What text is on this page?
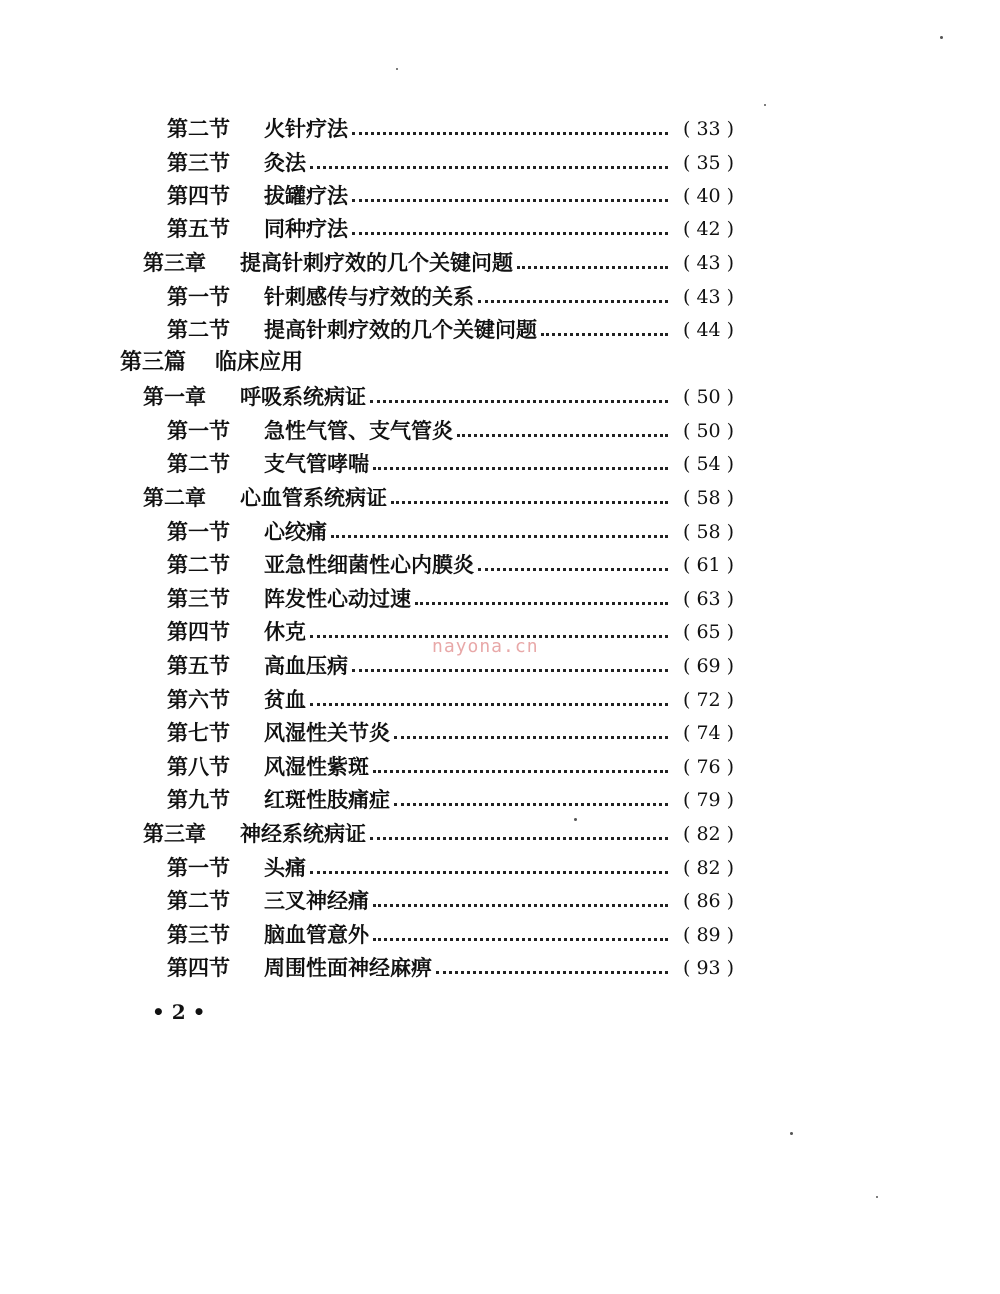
第二节 火针疗法	( 33 )
第三节 灸法	( 35 )
第四节 拔罐疗法	( 40 )
第五节 同种疗法	( 42 )
第三章 提高针刺疗效的几个关键问题	( 43 )
第一节 针刺感传与疗效的关系	( 43 )
第二节 提高针刺疗效的几个关键问题	( 44 )
第一章 呼吸系统病证	( 50 )
第一节 急性气管、支气管炎	( 50 )
第二节 支气管哮喘	( 54 )
第二章 心血管系统病证	( 58 )
第一节 心绞痛	( 58 )
第二节 亚急性细菌性心内膜炎	( 61 )
第三节 阵发性心动过速	( 63 )
第四节 休克	( 65 )
第五节 高血压病	( 69 )
第六节 贫血	( 72 )
第七节 风湿性关节炎	( 74 )
第八节 风湿性紫斑	( 76 )
第九节 红斑性肢痛症	( 79 )
第三章 神经系统病证	( 82 )
第一节 头痛	( 82 )
第二节 三叉神经痛	( 86 )
第三节 脑血管意外	( 89 )
第四节 周围性面神经麻痹	( 93 )
第三篇 临床应用
nayona.cn
• 2 •
